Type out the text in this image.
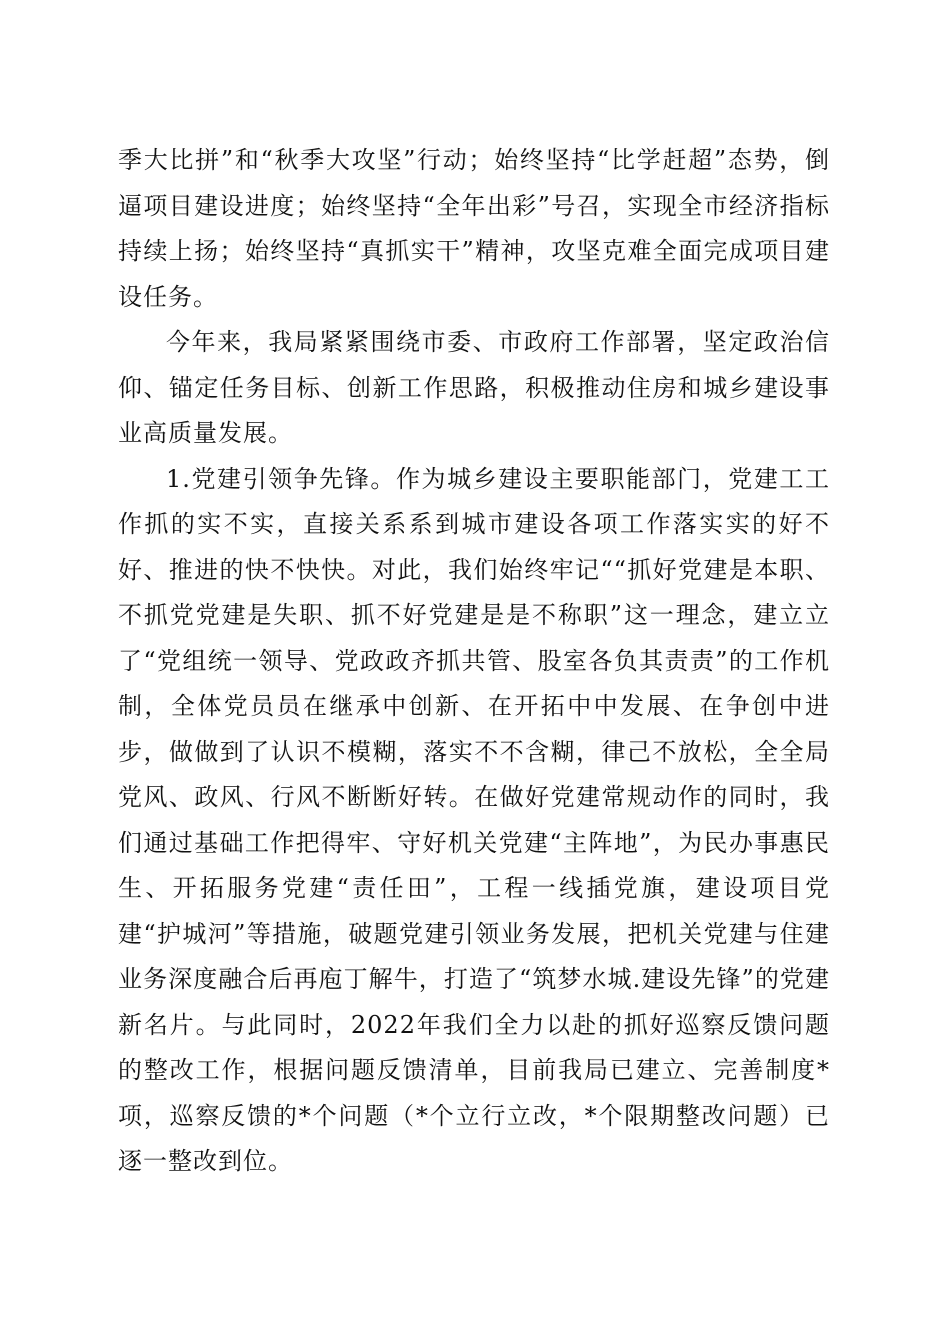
季大比拼”和“秋季大攻坚”行动；始终坚持“比学赶超”态势，倒逼项目建设进度；始终坚持“全年出彩”号召，实现全市经济指标持续上扬；始终坚持“真抓实干”精神，攻坚克难全面完成项目建设任务。

今年来，我局紧紧围绕市委、市政府工作部署，坚定政治信仰、锚定任务目标、创新工作思路，积极推动住房和城乡建设事业高质量发展。

1.党建引领争先锋。作为城乡建设主要职能部门，党建工工作抓的实不实，直接关系系到城市建设各项工作落实实的好不好、推进的快不快快。对此，我们始终牢记““抓好党建是本职、不抓党党建是失职、抓不好党建是是不称职”这一理念，建立立了“党组统一领导、党政政齐抓共管、股室各负其责责”的工作机制，全体党员员在继承中创新、在开拓中中发展、在争创中进步，做做到了认识不模糊，落实不不含糊，律己不放松，全全局党风、政风、行风不断断好转。在做好党建常规动作的同时，我们通过基础工作把得牢、守好机关党建“主阵地”，为民办事惠民生、开拓服务党建“责任田”，工程一线插党旗，建设项目党建“护城河”等措施，破题党建引领业务发展，把机关党建与住建业务深度融合后再庖丁解牛，打造了“筑梦水城.建设先锋”的党建新名片。与此同时，2022年我们全力以赴的抓好巡察反馈问题的整改工作，根据问题反馈清单，目前我局已建立、完善制度*项，巡察反馈的*个问题（*个立行立改，*个限期整改问题）已逐一整改到位。
